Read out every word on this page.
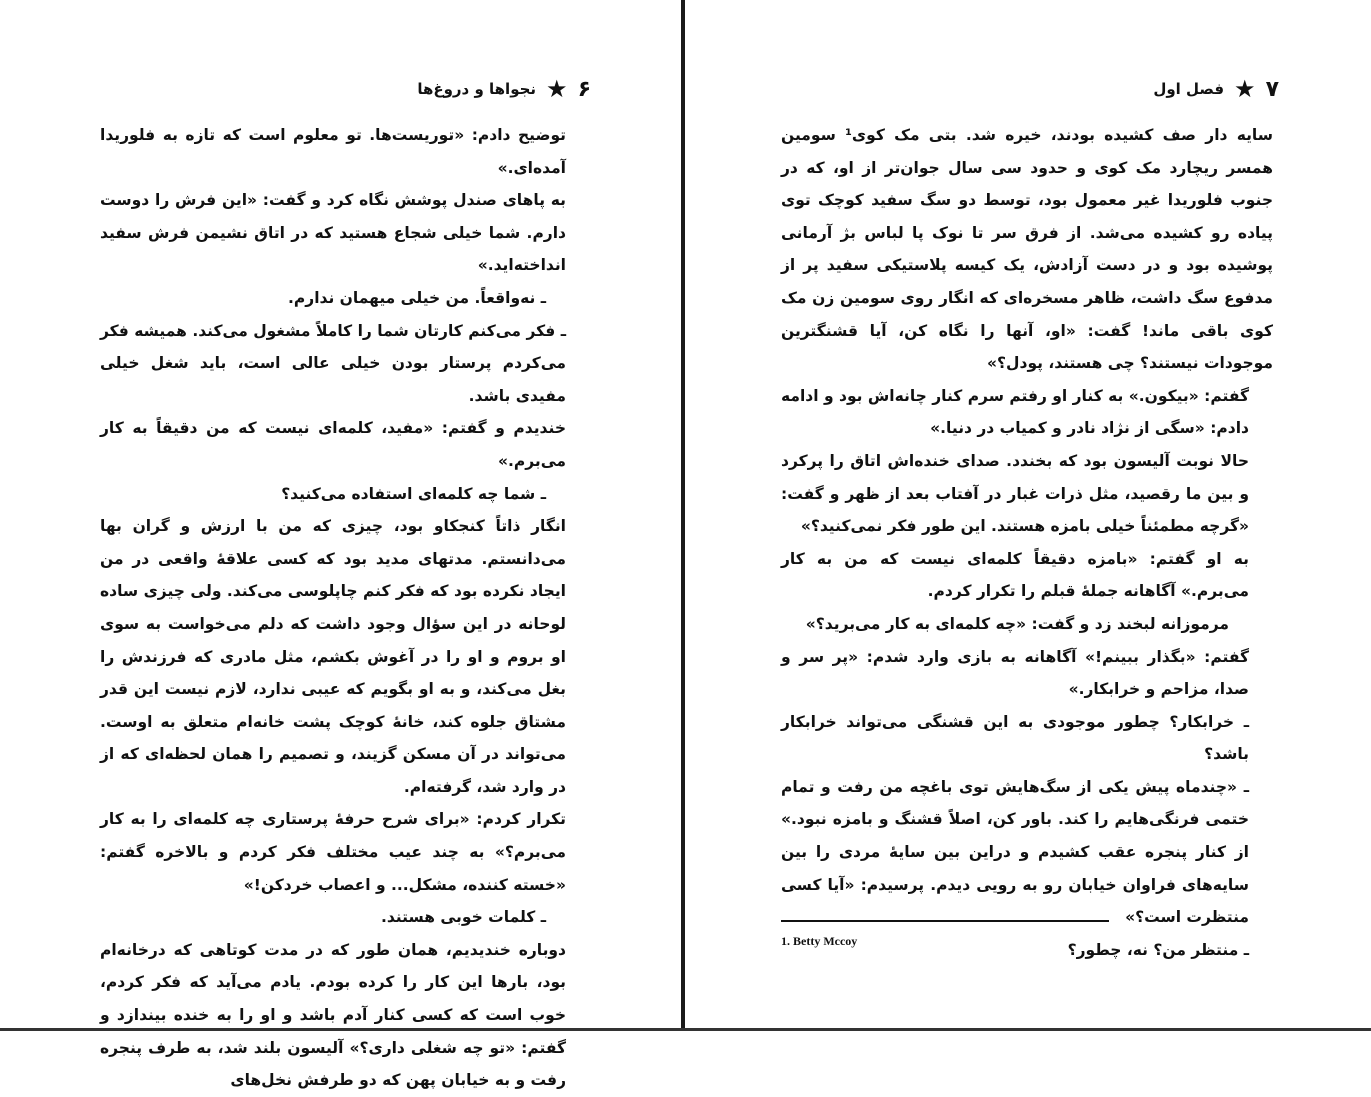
۶
★
نجواها و دروغ‌ها

توضیح دادم: «توریست‌ها. تو معلوم است که تازه به فلوریدا آمده‌ای.»

به پاهای صندل پوشش نگاه کرد و گفت: «این فرش را دوست دارم. شما خیلی شجاع هستید که در اتاق نشیمن فرش سفید انداخته‌اید.»

ـ نه‌واقعاً. من خیلی میهمان ندارم.

ـ فکر می‌کنم کارتان شما را کاملاً مشغول می‌کند. همیشه فکر می‌کردم پرستار بودن خیلی عالی است، باید شغل خیلی مفیدی باشد.

خندیدم و گفتم: «مفید، کلمه‌ای نیست که من دقیقاً به کار می‌برم.»

ـ شما چه کلمه‌ای استفاده می‌کنید؟

انگار ذاتاً کنجکاو بود، چیزی که من با ارزش و گران بها می‌دانستم. مدتهای مدید بود که کسی علاقهٔ واقعی در من ایجاد نکرده بود که فکر کنم چاپلوسی می‌کند. ولی چیزی ساده لوحانه در این سؤال وجود داشت که دلم می‌خواست به سوی او بروم و او را در آغوش بکشم، مثل مادری که فرزندش را بغل می‌کند، و به او بگویم که عیبی ندارد، لازم نیست این قدر مشتاق جلوه کند، خانهٔ کوچک پشت خانه‌ام متعلق به اوست. می‌تواند در آن مسکن گزیند، و تصمیم را همان لحظه‌ای که از در وارد شد، گرفته‌ام.

تکرار کردم: «برای شرح حرفهٔ پرستاری چه کلمه‌ای را به کار می‌برم؟» به چند عیب مختلف فکر کردم و بالاخره گفتم: «خسته کننده، مشکل... و اعصاب خردکن!»

ـ کلمات خوبی هستند.

دوباره خندیدیم، همان طور که در مدت کوتاهی که درخانه‌ام بود، بارها این کار را کرده بودم. یادم می‌آید که فکر کردم، خوب است که کسی کنار آدم باشد و او را به خنده بیندازد و گفتم: «تو چه شغلی داری؟» آلیسون بلند شد، به طرف پنجره رفت و به خیابان پهن که دو طرفش نخل‌های

۷
★
فصل اول

سایه دار صف کشیده بودند، خیره شد. بتی مک کوی¹ سومین همسر ریچارد مک کوی و حدود سی سال جوان‌تر از او، که در جنوب فلوریدا غیر معمول بود، توسط دو سگ سفید کوچک توی پیاده رو کشیده می‌شد. از فرق سر تا نوک پا لباس بژ آرمانی پوشیده بود و در دست آزادش، یک کیسه پلاستیکی سفید پر از مدفوع سگ داشت، ظاهر مسخره‌ای که انگار روی سومین زن مک کوی باقی ماند! گفت: «او، آنها را نگاه کن، آیا قشنگترین موجودات نیستند؟ چی هستند، پودل؟»

گفتم: «بیکون.» به کنار او رفتم سرم کنار چانه‌اش بود و ادامه دادم: «سگی از نژاد نادر و کمیاب در دنیا.»

حالا نوبت آلیسون بود که بخندد. صدای خنده‌اش اتاق را پرکرد و بین ما رقصید، مثل ذرات غبار در آفتاب بعد از ظهر و گفت: «گرچه مطمئناً خیلی بامزه هستند. این طور فکر نمی‌کنید؟»

به او گفتم: «بامزه دقیقاً کلمه‌ای نیست که من به کار می‌برم.» آگاهانه جملهٔ قبلم را تکرار کردم.

مرموزانه لبخند زد و گفت: «چه کلمه‌ای به کار می‌برید؟»

گفتم: «بگذار ببینم!» آگاهانه به بازی وارد شدم: «پر سر و صدا، مزاحم و خرابکار.»

ـ خرابکار؟ چطور موجودی به این قشنگی می‌تواند خرابکار باشد؟

ـ «چندماه پیش یکی از سگ‌هایش توی باغچه من رفت و تمام ختمی فرنگی‌هایم را کند. باور کن، اصلاً قشنگ و بامزه نبود.» از کنار پنجره عقب کشیدم و دراین بین سایهٔ مردی را بین سایه‌های فراوان خیابان رو به رویی دیدم. پرسیدم: «آیا کسی منتظرت است؟»

ـ منتظر من؟ نه، چطور؟

1. Betty Mccoy
